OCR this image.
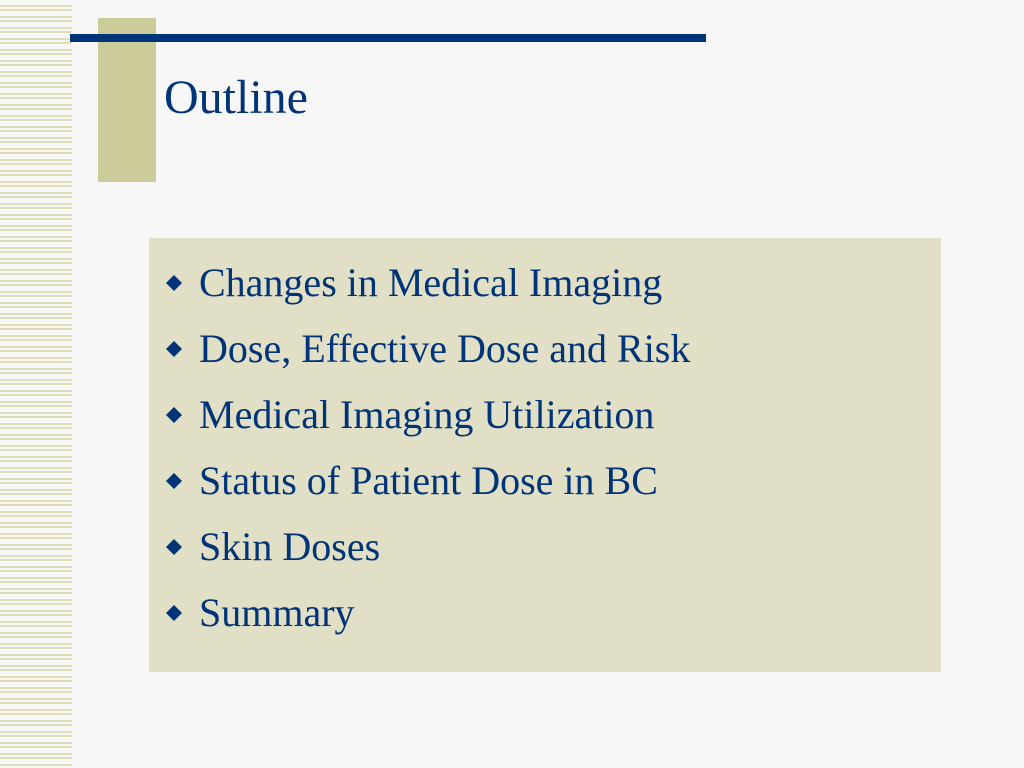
Outline
Changes in Medical Imaging
Dose, Effective Dose and Risk
Medical Imaging Utilization
Status of Patient Dose in BC
Skin Doses
Summary
